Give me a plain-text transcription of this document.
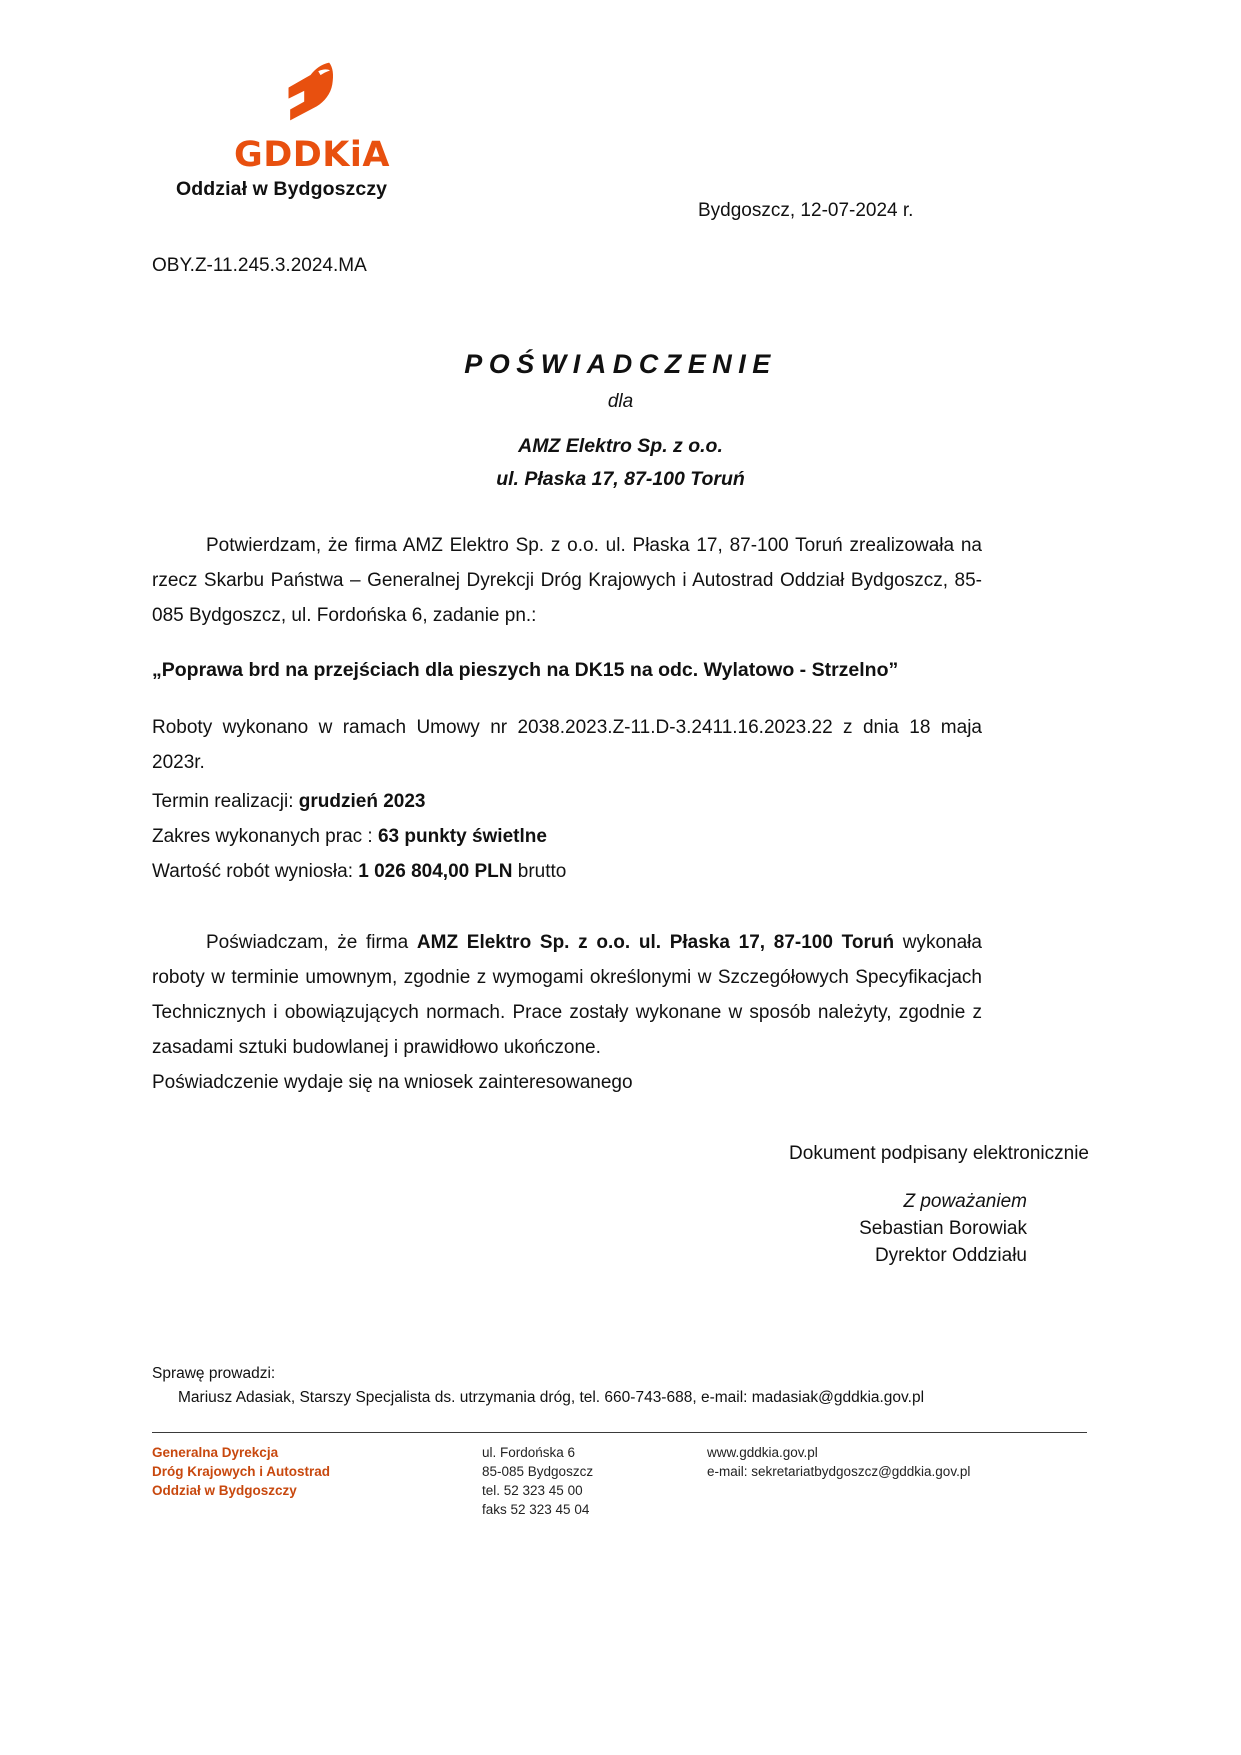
GDDKiA
Oddział w Bydgoszczy
Bydgoszcz, 12-07-2024 r.
OBY.Z-11.245.3.2024.MA
POŚWIADCZENIE
dla
AMZ Elektro Sp. z o.o.
ul. Płaska 17, 87-100 Toruń

Potwierdzam, że firma AMZ Elektro Sp. z o.o. ul. Płaska 17, 87-100 Toruń zrealizowała na rzecz Skarbu Państwa – Generalnej Dyrekcji Dróg Krajowych i Autostrad Oddział Bydgoszcz, 85-085 Bydgoszcz, ul. Fordońska 6, zadanie pn.:

„Poprawa brd na przejściach dla pieszych na DK15 na odc. Wylatowo - Strzelno”

Roboty wykonano w ramach Umowy nr 2038.2023.Z-11.D-3.2411.16.2023.22 z dnia 18 maja 2023r.

Termin realizacji: grudzień 2023

Zakres wykonanych prac : 63 punkty świetlne

Wartość robót wyniosła: 1 026 804,00 PLN brutto

Poświadczam, że firma AMZ Elektro Sp. z o.o. ul. Płaska 17, 87-100 Toruń wykonała roboty w terminie umownym, zgodnie z wymogami określonymi w Szczegółowych Specyfikacjach Technicznych i obowiązujących normach. Prace zostały wykonane w sposób należyty, zgodnie z zasadami sztuki budowlanej i prawidłowo ukończone.

Poświadczenie wydaje się na wniosek zainteresowanego

Dokument podpisany elektronicznie
Z poważaniem
Sebastian Borowiak
Dyrektor Oddziału
Sprawę prowadzi:
Mariusz Adasiak, Starszy Specjalista ds. utrzymania dróg, tel. 660-743-688, e-mail: madasiak@gddkia.gov.pl
Generalna Dyrekcja
Dróg Krajowych i Autostrad
Oddział w Bydgoszczy
ul. Fordońska 6
85-085 Bydgoszcz
tel. 52 323 45 00
faks 52 323 45 04
www.gddkia.gov.pl
e-mail: sekretariatbydgoszcz@gddkia.gov.pl
